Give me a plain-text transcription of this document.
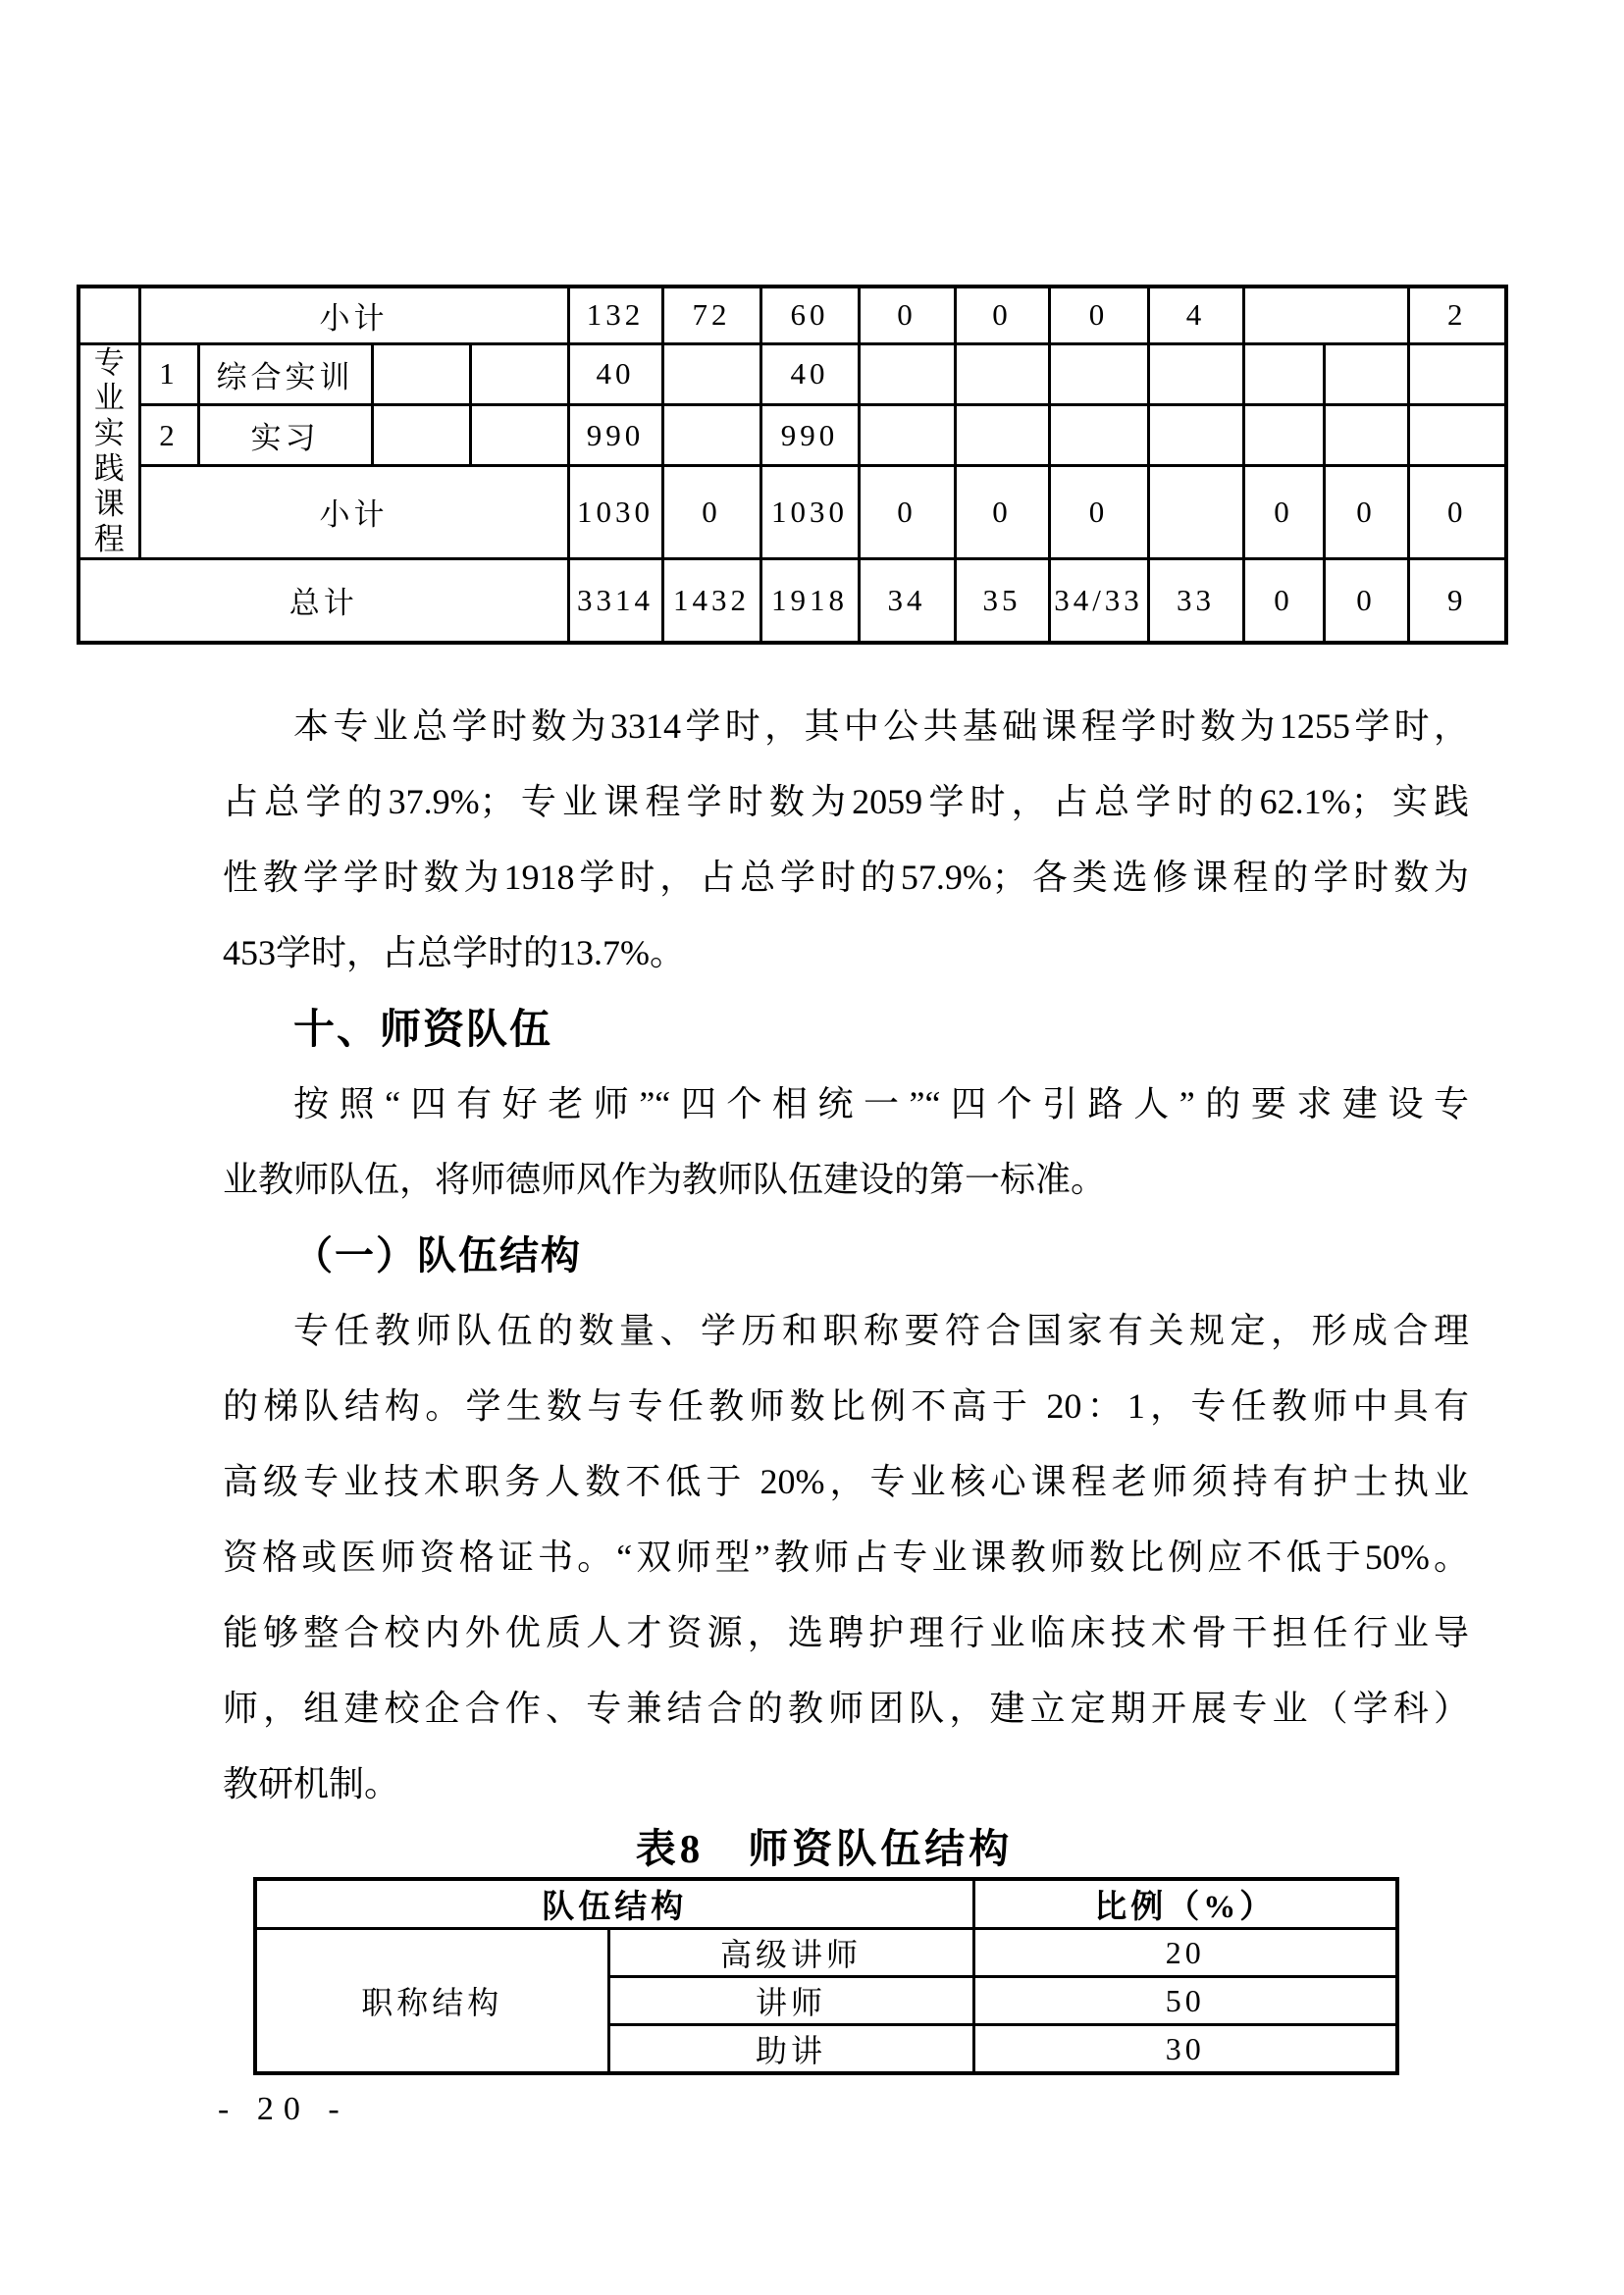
	小计				132	72	60	0	0	0	4			2

专业实践课程	1	综合实训			40		40							
	2	实习			990		990							
	小计				1030	0	1030	0	0	0		0	0	0
总计					3314	1432	1918	34	35	34/33	33	0	0	9
本专业总学时数为3314学时，其中公共基础课程学时数为1255学时，
占总学的37.9%；专业课程学时数为2059学时，占总学时的62.1%；实践
性教学学时数为1918学时，占总学时的57.9%；各类选修课程的学时数为
453学时，占总学时的13.7%。
十、师资队伍
按照“四有好老师”“四个相统一”“四个引路人”的要求建设专
业教师队伍，将师德师风作为教师队伍建设的第一标准。
（一）队伍结构
专任教师队伍的数量、学历和职称要符合国家有关规定，形成合理
的梯队结构。学生数与专任教师数比例不高于 20：1，专任教师中具有
高级专业技术职务人数不低于 20%，专业核心课程老师须持有护士执业
资格或医师资格证书。“双师型”教师占专业课教师数比例应不低于50%。
能够整合校内外优质人才资源，选聘护理行业临床技术骨干担任行业导
师，组建校企合作、专兼结合的教师团队，建立定期开展专业（学科）
教研机制。
表8　师资队伍结构
队伍结构		比例（%）
职称结构	高级讲师	20
	讲师	50
	助讲	30
- 20 -
